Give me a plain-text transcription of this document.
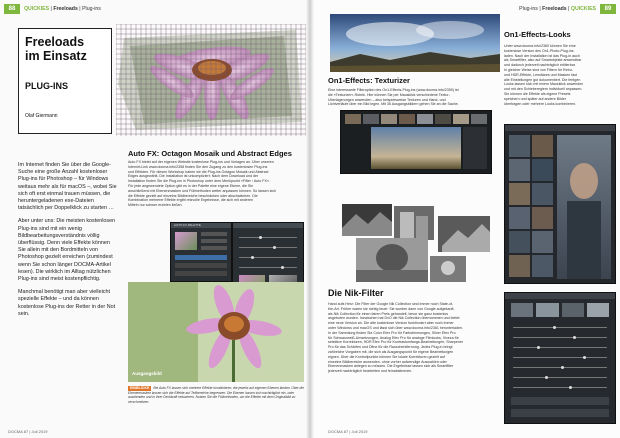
88	QUICKIES | Freeloads | Plug-ins
Freeloads
im Einsatz
PLUG-INS
Olaf Giermann

Im Internet finden Sie über die Google-Suche eine große Anzahl kostenloser Plug-ins für Photoshop – für Windows weitaus mehr als für macOS –, wobei Sie sich oft erst einmal trauen müssen, die heruntergeladenen exe-Dateien tatsächlich per Doppelklick zu starten …

Aber unter uns: Die meisten kostenlosen Plug-ins sind mit ein wenig Bildbearbeitungsverständnis völlig überflüssig. Denn viele Effekte können Sie allein mit den Bordmitteln von Photoshop gezielt erreichen (zumindest wenn Sie schon länger DOCMA-Artikel lesen). Die wirklich im Alltag nützlichen Plug-ins sind meist kostenpflichtig.

Manchmal benötigt man aber vielleicht spezielle Effekte – und da können kostenlose Plug-ins der Retter in der Not sein.

Auto FX: Octagon Mosaik und Abstract Edges
Auto FX bietet auf der eigenen Website kostenlose Plug-ins und Vorlagen an. Über unseren
Internet-Link www.docma.info/2358 finden Sie den Zugang zu den kostenlosen Plug-ins
und Effekten. Für diesen Workshop haben wir die Plug-ins Octagon Mosaik und Abstract
Edges ausgewählt. Die Installation ist unkompliziert: Nach dem Download und der
Installation finden Sie die Plug-ins in Photoshop unter dem Menüpunkt »Filter › Auto FX«.
Für jede angewendete Option gibt es in der Palette eine eigene Ebene, die Sie
anschließend mit Ebenenmasken und Füllmethoden weiter anpassen können. So lassen sich
die Effekte gezielt auf einzelne Bildbereiche beschränken oder abschwächen. Die
Kombination mehrerer Effekte ergibt reizvolle Ergebnisse, die sich mit anderen
Mitteln nur schwer erzielen ließen.
AUTO FX PALETTE
Ausgangsbild
EINBLICKE Bei Auto FX lassen sich mehrere Effekte kombinieren, die jeweils auf eigenen Ebenen landen. Über die Ebenenmasken lassen sich die Effekte auf Teilbereiche begrenzen. Die Ebenen lassen sich nachträglich ein- oder ausblenden und in ihrer Deckkraft reduzieren. Nutzen Sie die Füllmethoden, um die Effekte mit dem Originalbild zu verschmelzen.
DOCMA 87 | Juli 2019
Plug-ins | Freeloads | QUICKIES	89
On1-Effects: Texturizer
Eine interessante Filteroption des On1-Effects-Plug-ins (www.docma.info/2359) ist
die »Texturizer«-Rubrik. Hier können Sie per Mausklick verschiedene Textur-
Überlagerungen anwenden – also beispielsweise Texturen und Hand- und
Lichtverläufe über ein Bild legen. Mit 36 Ausgangsbildern gehen Sie an die Sache.
Die Nik-Filter
Hand aufs Herz: Die Filter der Google Nik Collection sind immer noch State-of-
the-Art. Früher waren sie richtig teuer. Sie wurden dann von Google aufgekauft,
als Nik Collection für einen fairen Preis gehandelt, bevor sie ganz kostenlos
angeboten wurden. Inzwischen hat DxO die Nik Collection übernommen und bietet
eine neue Version an. Die alte kostenlose Version funktioniert aber noch immer
unter Windows und macOS und lässt sich über www.docma.info/2361 herunterladen.
In der Sammlung finden Sie Color Efex Pro für Farbstimmungen, Silver Efex Pro
für Schwarzweiß-Umsetzungen, Analog Efex Pro für analoge Filmlooks, Viveza für
selektive Korrekturen, HDR Efex Pro für Kontrastumfangs-Bearbeitungen, Sharpener
Pro für das Schärfen und Dfine für die Rauschentfernung. Jedes Plug-in bringt
zahlreiche Vorgaben mit, die sich als Ausgangspunkt für eigene Bearbeitungen
eignen. Über die Kontrollpunkte können Sie lokale Korrekturen gezielt auf
einzelne Bildbereiche anwenden, ohne vorher aufwendige Auswahlen oder
Ebenenmasken anlegen zu müssen. Die Ergebnisse lassen sich als Smartfilter
jederzeit nachträglich bearbeiten und feinabstimmen.
On1-Effects-Looks
Unter www.docma.info/2360 können Sie eine
kostenlose Version des On1-Photo-Plug-ins
laden. Nach der Installation ist das Plug-in auch
als Smartfilter, also auf Smartobjekte anwendbar
und dadurch jederzeit nachträglich editierbar.
In gleicher Weise sind von Filtern für Retro-
und HDR-Effekte, Lensflares und Masken fast
alle Einstellungen gut dokumentiert. Die fertigen
Looks lassen sich mit einem Mausklick anwenden
und mit den Schiebereglern individuell anpassen.
Sie können die Effekte als eigene Presets
speichern und später auf andere Bilder
übertragen oder mehrere Looks kombinieren.
DOCMA 87 | Juli 2019
